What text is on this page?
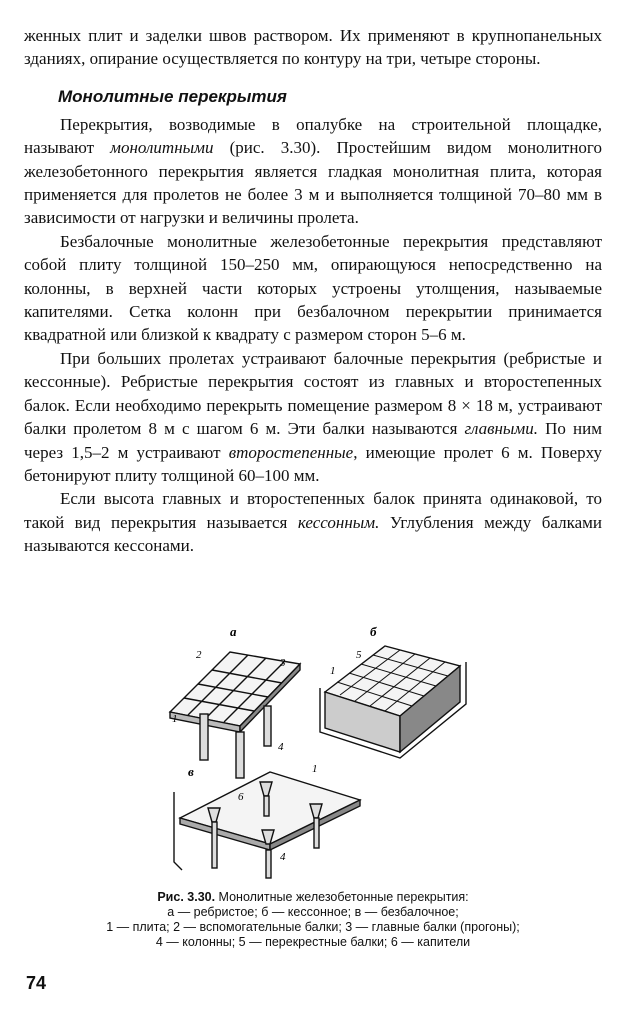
женных плит и заделки швов раствором. Их применяют в крупнопанельных зданиях, опирание осуществляется по контуру на три, четыре стороны.

Монолитные перекрытия

Перекрытия, возводимые в опалубке на строительной площадке, называют монолитными (рис. 3.30). Простейшим видом монолитного железобетонного перекрытия является гладкая монолитная плита, которая применяется для пролетов не более 3 м и выполняется толщиной 70–80 мм в зависимости от нагрузки и величины пролета.

Безбалочные монолитные железобетонные перекрытия представляют собой плиту толщиной 150–250 мм, опирающуюся непосредственно на колонны, в верхней части которых устроены утолщения, называемые капителями. Сетка колонн при безбалочном перекрытии принимается квадратной или близкой к квадрату с размером сторон 5–6 м.

При больших пролетах устраивают балочные перекрытия (ребристые и кессонные). Ребристые перекрытия состоят из главных и второстепенных балок. Если необходимо перекрыть помещение размером 8 × 18 м, устраивают балки пролетом 8 м с шагом 6 м. Эти балки называются главными. По ним через 1,5–2 м устраивают второстепенные, имеющие пролет 6 м. Поверху бетонируют плиту толщиной 60–100 мм.

Если высота главных и второстепенных балок принята одинаковой, то такой вид перекрытия называется кессонным. Углубления между балками называются кессонами.

а	б
в
2
3
1
4
5
1
1
6
4
Рис. 3.30. Монолитные железобетонные перекрытия:
а — ребристое; б — кессонное; в — безбалочное;
1 — плита; 2 — вспомогательные балки; 3 — главные балки (прогоны);
4 — колонны; 5 — перекрестные балки; 6 — капители
74
